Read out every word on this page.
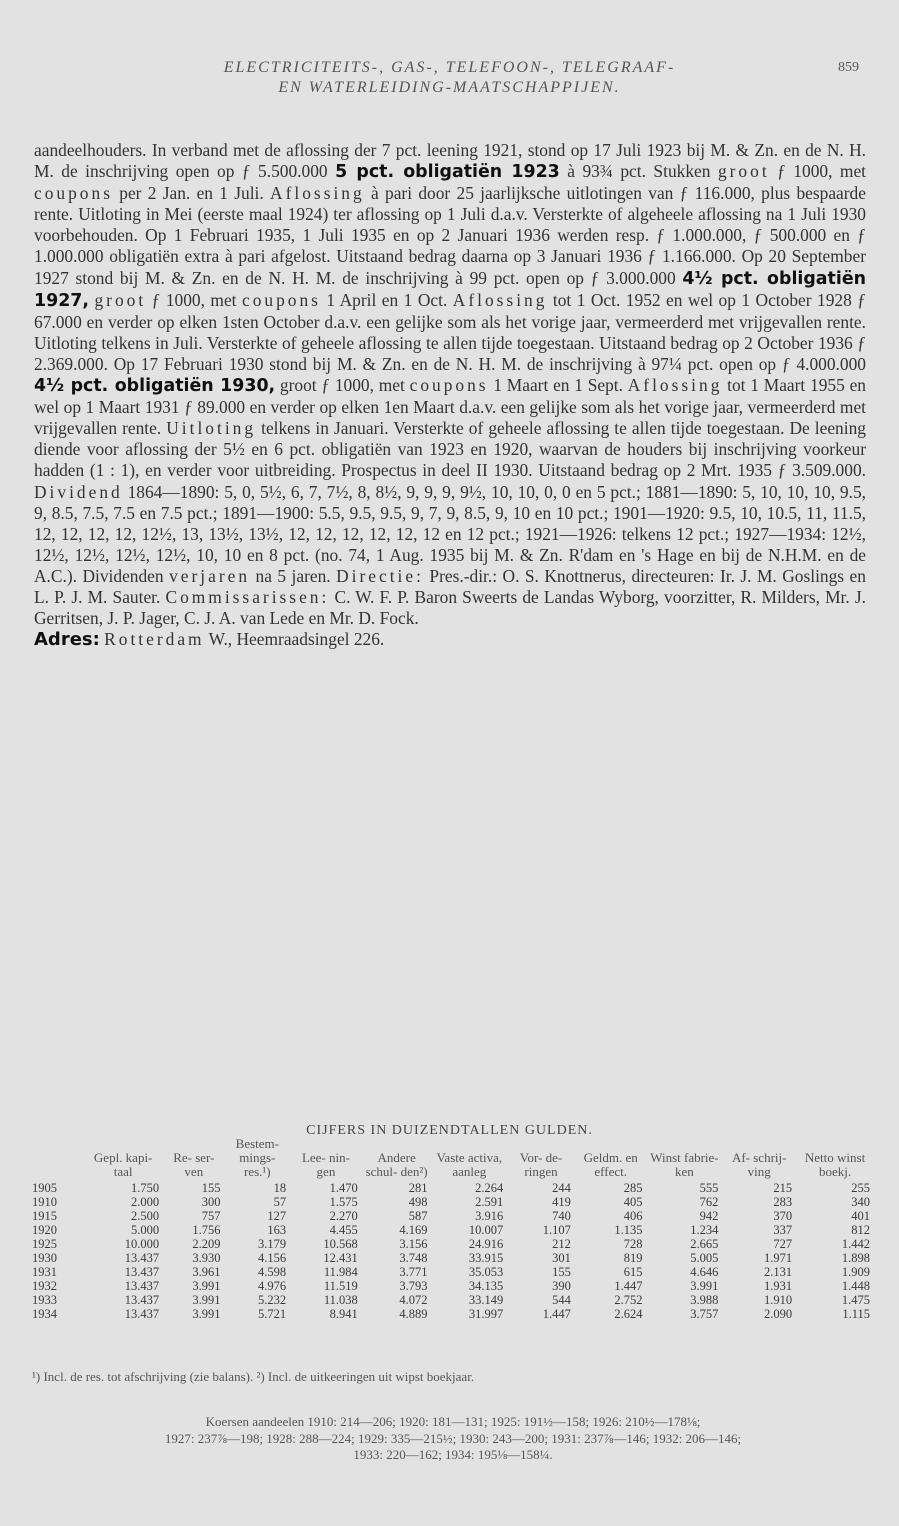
ELECTRICITEITS-, GAS-, TELEFOON-, TELEGRAAF-
EN WATERLEIDING-MAATSCHAPPIJEN.
859

aandeelhouders. In verband met de aflossing der 7 pct. leening 1921, stond op 17 Juli 1923 bij M. & Zn. en de N. H. M. de inschrijving open op ƒ 5.500.000 5 pct. obligatiën 1923 à 93¾ pct. Stukken groot ƒ 1000, met coupons per 2 Jan. en 1 Juli. Aflossing à pari door 25 jaarlijksche uitlotingen van ƒ 116.000, plus bespaarde rente. Uitloting in Mei (eerste maal 1924) ter aflossing op 1 Juli d.a.v. Versterkte of algeheele aflossing na 1 Juli 1930 voorbehouden. Op 1 Februari 1935, 1 Juli 1935 en op 2 Januari 1936 werden resp. ƒ 1.000.000, ƒ 500.000 en ƒ 1.000.000 obligatiën extra à pari afgelost. Uitstaand bedrag daarna op 3 Januari 1936 ƒ 1.166.000. Op 20 September 1927 stond bij M. & Zn. en de N. H. M. de inschrijving à 99 pct. open op ƒ 3.000.000 4½ pct. obligatiën 1927, groot ƒ 1000, met coupons 1 April en 1 Oct. Aflossing tot 1 Oct. 1952 en wel op 1 October 1928 ƒ 67.000 en verder op elken 1sten October d.a.v. een gelijke som als het vorige jaar, vermeerderd met vrijgevallen rente. Uitloting telkens in Juli. Versterkte of geheele aflossing te allen tijde toegestaan. Uitstaand bedrag op 2 October 1936 ƒ 2.369.000. Op 17 Februari 1930 stond bij M. & Zn. en de N. H. M. de inschrijving à 97¼ pct. open op ƒ 4.000.000 4½ pct. obligatiën 1930, groot ƒ 1000, met coupons 1 Maart en 1 Sept. Aflossing tot 1 Maart 1955 en wel op 1 Maart 1931 ƒ 89.000 en verder op elken 1en Maart d.a.v. een gelijke som als het vorige jaar, vermeerderd met vrijgevallen rente. Uitloting telkens in Januari. Versterkte of geheele aflossing te allen tijde toegestaan. De leening diende voor aflossing der 5½ en 6 pct. obligatiën van 1923 en 1920, waarvan de houders bij inschrijving voorkeur hadden (1 : 1), en verder voor uitbreiding. Prospectus in deel II 1930. Uitstaand bedrag op 2 Mrt. 1935 ƒ 3.509.000. Dividend 1864—1890: 5, 0, 5½, 6, 7, 7½, 8, 8½, 9, 9, 9, 9½, 10, 10, 0, 0 en 5 pct.; 1881—1890: 5, 10, 10, 10, 9.5, 9, 8.5, 7.5, 7.5 en 7.5 pct.; 1891—1900: 5.5, 9.5, 9.5, 9, 7, 9, 8.5, 9, 10 en 10 pct.; 1901—1920: 9.5, 10, 10.5, 11, 11.5, 12, 12, 12, 12, 12½, 13, 13½, 13½, 12, 12, 12, 12, 12, 12 en 12 pct.; 1921—1926: telkens 12 pct.; 1927—1934: 12½, 12½, 12½, 12½, 12½, 10, 10 en 8 pct. (no. 74, 1 Aug. 1935 bij M. & Zn. R'dam en 's Hage en bij de N.H.M. en de A.C.). Dividenden verjaren na 5 jaren. Directie: Pres.-dir.: O. S. Knottnerus, directeuren: Ir. J. M. Goslings en L. P. J. M. Sauter. Commissarissen: C. W. F. P. Baron Sweerts de Landas Wyborg, voorzitter, R. Milders, Mr. J. Gerritsen, J. P. Jager, C. J. A. van Lede en Mr. D. Fock.

Adres: Rotterdam W., Heemraadsingel 226.

CIJFERS IN DUIZENDTALLEN GULDEN.
	Gepl. kapi- taal	Re- ser- ven	Bestem- mings- res.¹)	Lee- nin- gen	Andere schul- den²)	Vaste activa, aanleg	Vor- de- ringen	Geldm. en effect.	Winst fabrie- ken	Af- schrij- ving	Netto winst boekj.
1905	1.750	155	18	1.470	281	2.264	244	285	555	215	255
1910	2.000	300	57	1.575	498	2.591	419	405	762	283	340
1915	2.500	757	127	2.270	587	3.916	740	406	942	370	401
1920	5.000	1.756	163	4.455	4.169	10.007	1.107	1.135	1.234	337	812
1925	10.000	2.209	3.179	10.568	3.156	24.916	212	728	2.665	727	1.442
1930	13.437	3.930	4.156	12.431	3.748	33.915	301	819	5.005	1.971	1.898
1931	13.437	3.961	4.598	11.984	3.771	35.053	155	615	4.646	2.131	1.909
1932	13.437	3.991	4.976	11.519	3.793	34.135	390	1.447	3.991	1.931	1.448
1933	13.437	3.991	5.232	11.038	4.072	33.149	544	2.752	3.988	1.910	1.475
1934	13.437	3.991	5.721	8.941	4.889	31.997	1.447	2.624	3.757	2.090	1.115
¹) Incl. de res. tot afschrijving (zie balans). ²) Incl. de uitkeeringen uit wipst boekjaar.
Koersen aandeelen 1910: 214—206; 1920: 181—131; 1925: 191½—158; 1926: 210½—178⅛;
1927: 237⅞—198; 1928: 288—224; 1929: 335—215½; 1930: 243—200; 1931: 237⅞—146; 1932: 206—146;
1933: 220—162; 1934: 195⅛—158¼.
